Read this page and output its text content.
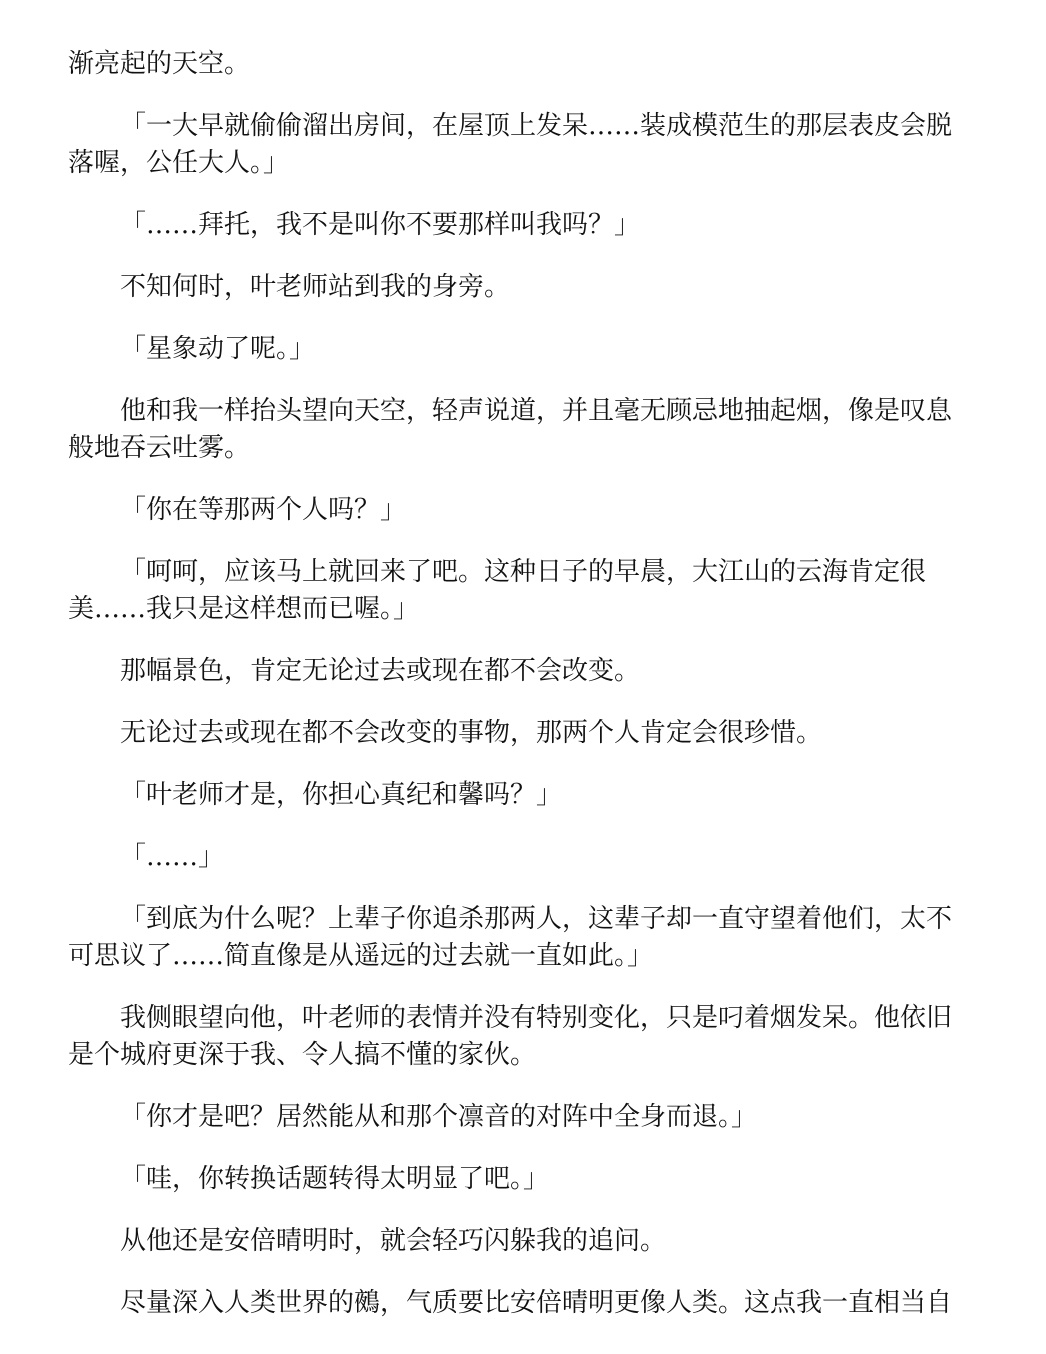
渐亮起的天空。

「一大早就偷偷溜出房间，在屋顶上发呆……装成模范生的那层表皮会脱落喔，公任大人。」

「……拜托，我不是叫你不要那样叫我吗？」

不知何时，叶老师站到我的身旁。

「星象动了呢。」

他和我一样抬头望向天空，轻声说道，并且毫无顾忌地抽起烟，像是叹息般地吞云吐雾。

「你在等那两个人吗？」

「呵呵，应该马上就回来了吧。这种日子的早晨，大江山的云海肯定很美……我只是这样想而已喔。」

那幅景色，肯定无论过去或现在都不会改变。

无论过去或现在都不会改变的事物，那两个人肯定会很珍惜。

「叶老师才是，你担心真纪和馨吗？」

「……」

「到底为什么呢？上辈子你追杀那两人，这辈子却一直守望着他们，太不可思议了……简直像是从遥远的过去就一直如此。」

我侧眼望向他，叶老师的表情并没有特别变化，只是叼着烟发呆。他依旧是个城府更深于我、令人搞不懂的家伙。

「你才是吧？居然能从和那个凛音的对阵中全身而退。」

「哇，你转换话题转得太明显了吧。」

从他还是安倍晴明时，就会轻巧闪躲我的追问。

尽量深入人类世界的鵺，气质要比安倍晴明更像人类。这点我一直相当自
